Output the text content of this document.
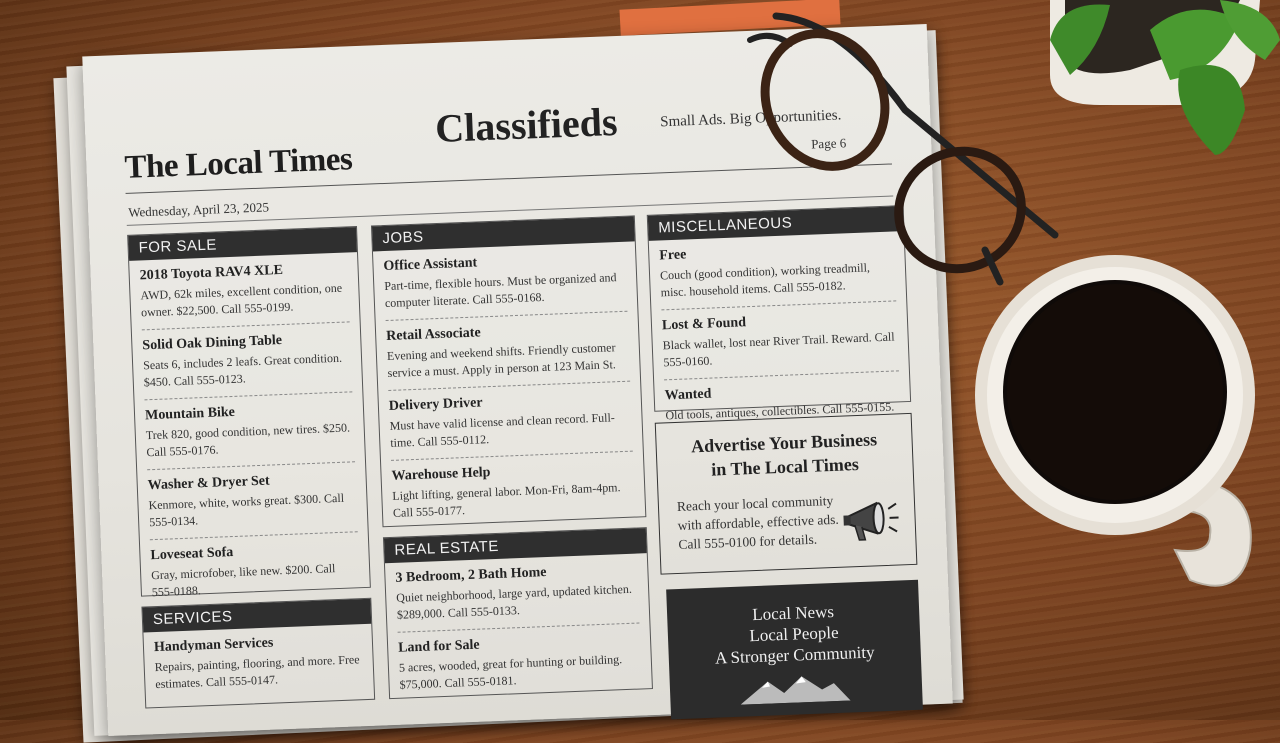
The Local Times
Classifieds	Small Ads. Big Opportunities.
Page 6
Wednesday, April 23, 2025
FOR SALE
2018 Toyota RAV4 XLE
AWD, 62k miles, excellent condition, one owner. $22,500. Call 555-0199.
Solid Oak Dining Table
Seats 6, includes 2 leafs. Great condition. $450. Call 555-0123.
Mountain Bike
Trek 820, good condition, new tires. $250. Call 555-0176.
Washer & Dryer Set
Kenmore, white, works great. $300. Call 555-0134.
Loveseat Sofa
Gray, microfober, like new. $200. Call 555-0188.
SERVICES
Handyman Services
Repairs, painting, flooring, and more. Free estimates. Call 555-0147.
JOBS
Office Assistant
Part-time, flexible hours. Must be organized and computer literate. Call 555-0168.
Retail Associate
Evening and weekend shifts. Friendly customer service a must. Apply in person at 123 Main St.
Delivery Driver
Must have valid license and clean record. Full-time. Call 555-0112.
Warehouse Help
Light lifting, general labor. Mon-Fri, 8am-4pm. Call 555-0177.
REAL ESTATE
3 Bedroom, 2 Bath Home
Quiet neighborhood, large yard, updated kitchen. $289,000. Call 555-0133.
Land for Sale
5 acres, wooded, great for hunting or building. $75,000. Call 555-0181.
MISCELLANEOUS
Free
Couch (good condition), working treadmill, misc. household items. Call 555-0182.
Lost & Found
Black wallet, lost near River Trail. Reward. Call 555-0160.
Wanted
Old tools, antiques, collectibles. Call 555-0155.
Advertise Your Business
in The Local Times
Reach your local community with affordable, effective ads. Call 555-0100 for details.
Local News
Local People
A Stronger Community
